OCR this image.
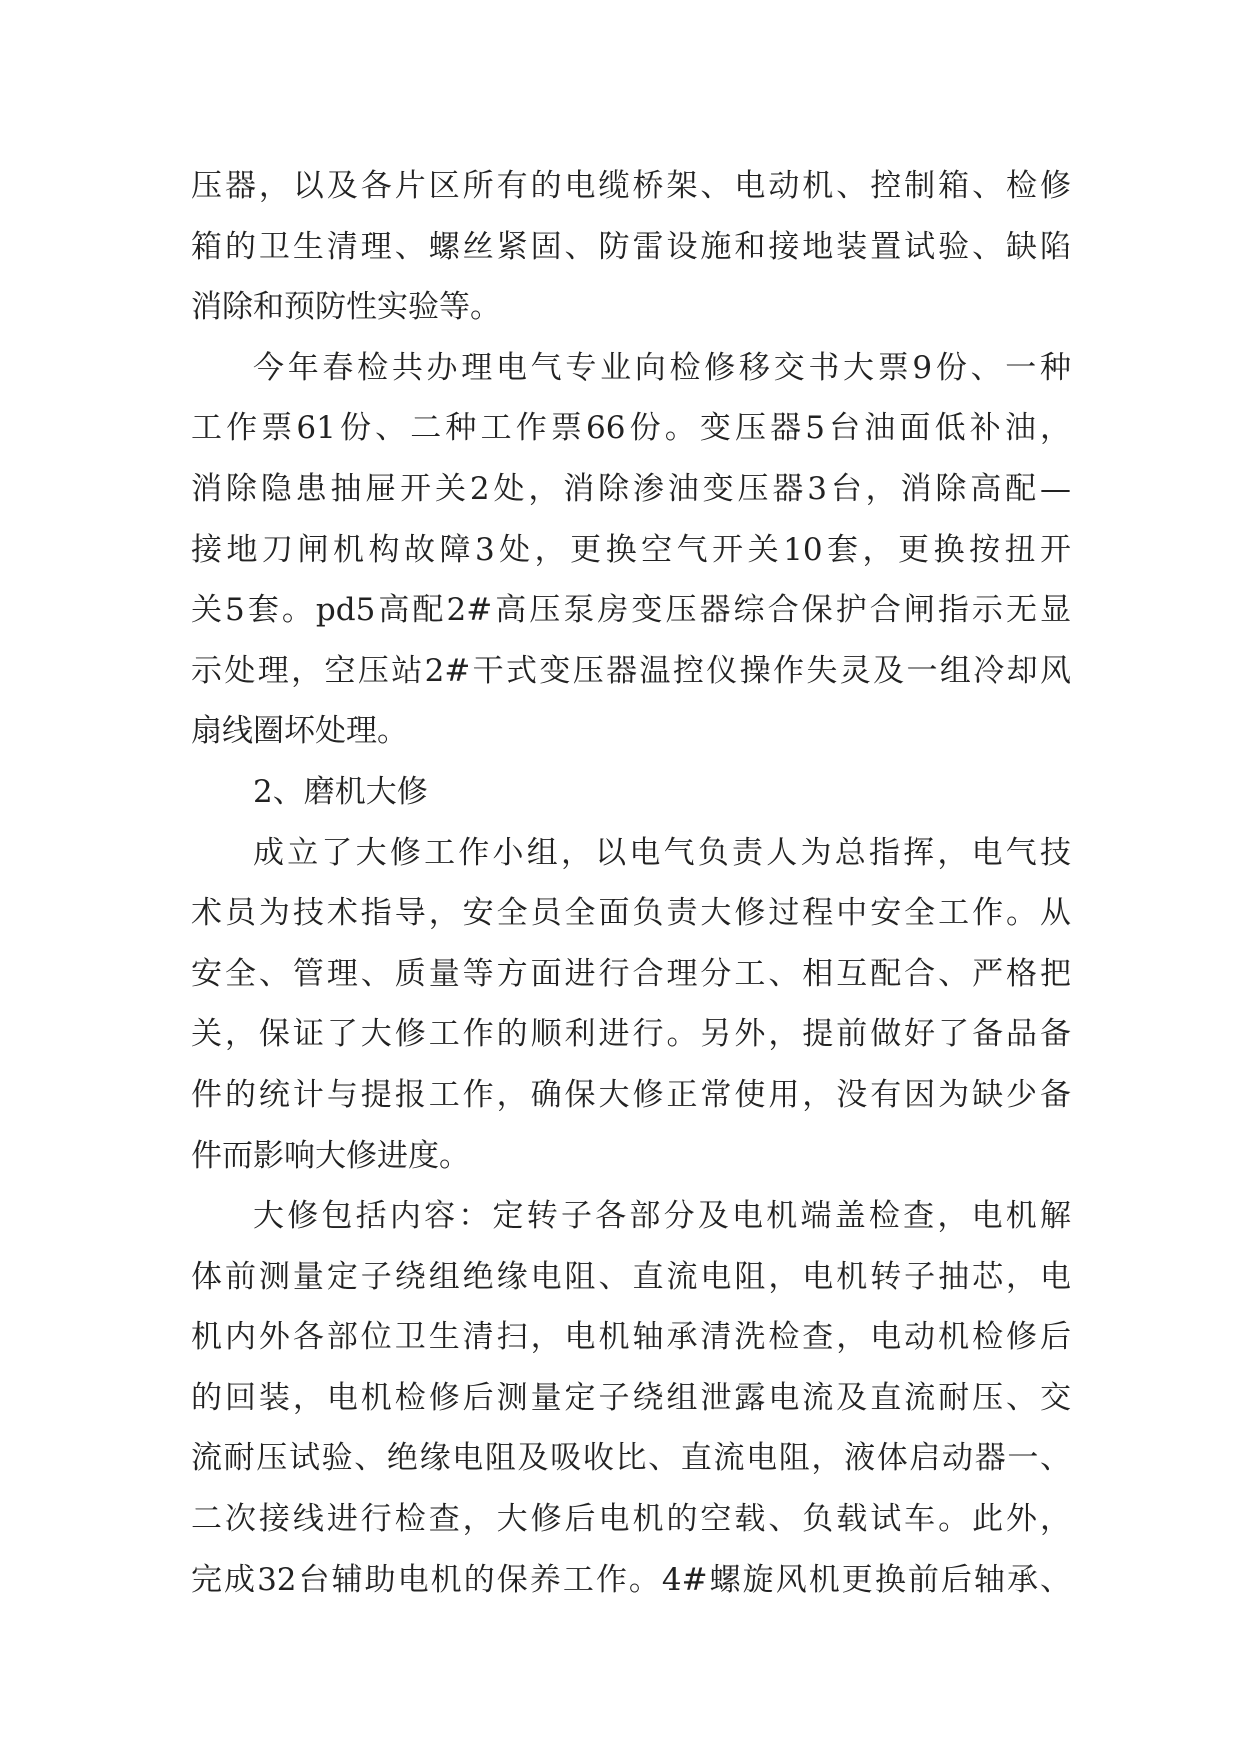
压器，以及各片区所有的电缆桥架、电动机、控制箱、检修
箱的卫生清理、螺丝紧固、防雷设施和接地装置试验、缺陷
消除和预防性实验等。
今年春检共办理电气专业向检修移交书大票9份、一种
工作票61份、二种工作票66份。变压器5台油面低补油，
消除隐患抽屉开关2处，消除渗油变压器3台，消除高配—
接地刀闸机构故障3处，更换空气开关10套，更换按扭开
关5套。pd5高配2#高压泵房变压器综合保护合闸指示无显
示处理，空压站2#干式变压器温控仪操作失灵及一组冷却风
扇线圈坏处理。
2、磨机大修
成立了大修工作小组，以电气负责人为总指挥，电气技
术员为技术指导，安全员全面负责大修过程中安全工作。从
安全、管理、质量等方面进行合理分工、相互配合、严格把
关，保证了大修工作的顺利进行。另外，提前做好了备品备
件的统计与提报工作，确保大修正常使用，没有因为缺少备
件而影响大修进度。
大修包括内容：定转子各部分及电机端盖检查，电机解
体前测量定子绕组绝缘电阻、直流电阻，电机转子抽芯，电
机内外各部位卫生清扫，电机轴承清洗检查，电动机检修后
的回装，电机检修后测量定子绕组泄露电流及直流耐压、交
流耐压试验、绝缘电阻及吸收比、直流电阻，液体启动器一、
二次接线进行检查，大修后电机的空载、负载试车。此外，
完成32台辅助电机的保养工作。4#螺旋风机更换前后轴承、
